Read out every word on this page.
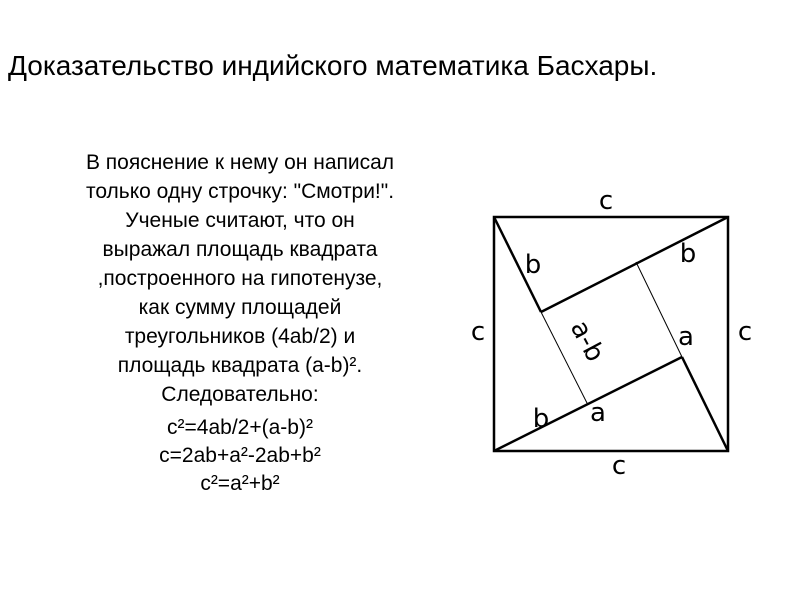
Доказательство индийского математика Басхары.
В пояснение к нему он написал
только одну строчку: "Смотри!".
Ученые считают, что он
выражал площадь квадрата
,построенного на гипотенузе,
как сумму площадей
треугольников (4ab/2) и
площадь квадрата (a-b)².
Следовательно:
с²=4ab/2+(a-b)²
с=2ab+a²-2ab+b²
с²=a²+b²
c
c	c
c
b	b
b
a
a
a-b
